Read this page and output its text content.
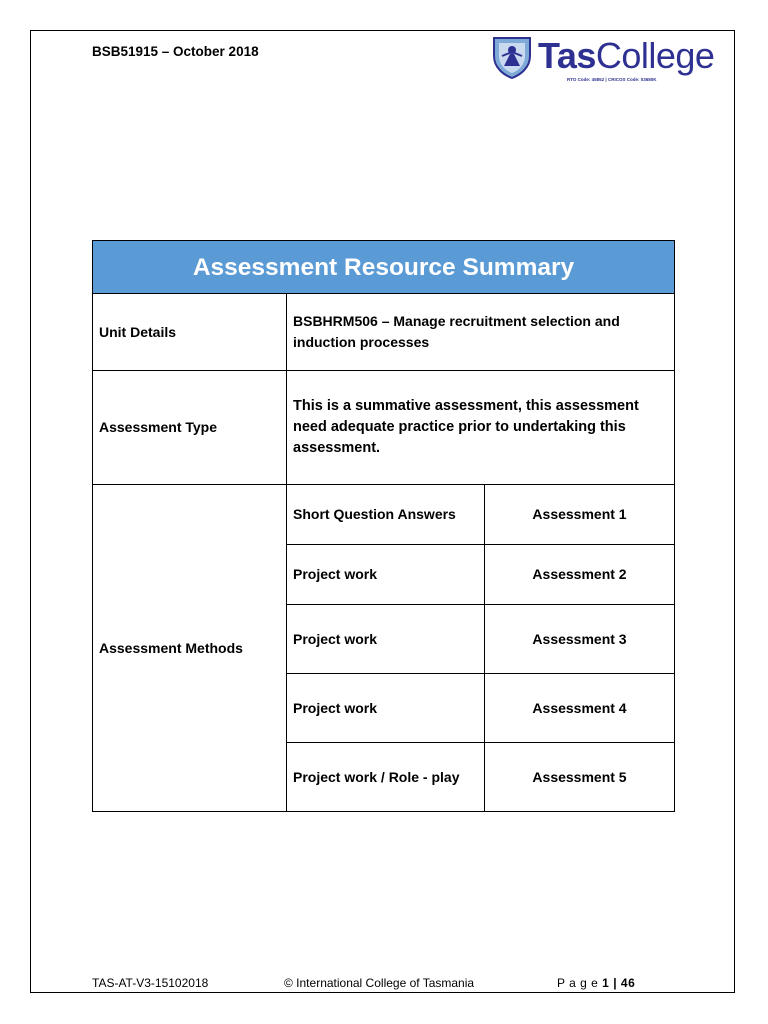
BSB51915 – October 2018	TasCollege
RTO Code: 45852 | CRICOS Code: 03680K
Assessment Resource Summary		
Unit Details	BSBHRM506 – Manage recruitment selection and induction processes	
Assessment Type	This is a summative assessment, this assessment need adequate practice prior to undertaking this assessment.	
Assessment Methods	Short Question Answers	Assessment 1
	Project work	Assessment 2
	Project work	Assessment 3
	Project work	Assessment 4
	Project work / Role - play	Assessment 5
TAS-AT-V3-15102018	© International College of Tasmania	P a g e 1 | 46
